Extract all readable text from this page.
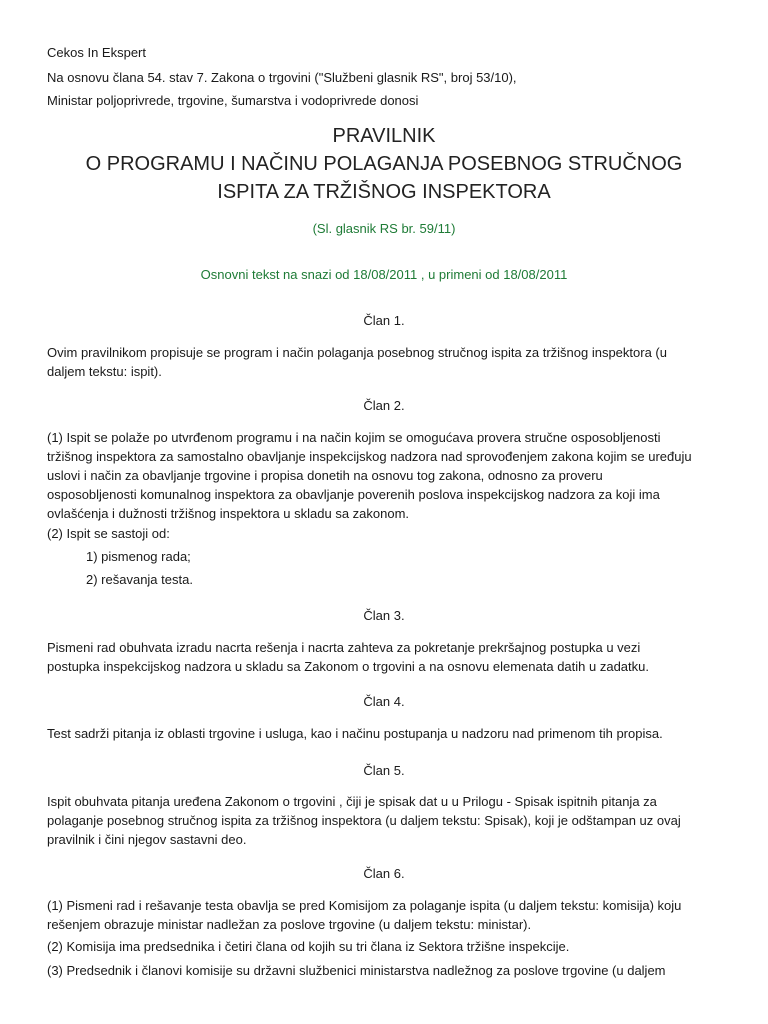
Cekos In Ekspert
Na osnovu člana 54. stav 7. Zakona o trgovini ("Službeni glasnik RS", broj 53/10),
Ministar poljoprivrede, trgovine, šumarstva i vodoprivrede donosi
PRAVILNIK
O PROGRAMU I NAČINU POLAGANJA POSEBNOG STRUČNOG
ISPITA ZA TRŽIŠNOG INSPEKTORA
(Sl. glasnik RS br. 59/11)
Osnovni tekst na snazi od 18/08/2011 , u primeni od 18/08/2011
Član 1.
Ovim pravilnikom propisuje se program i način polaganja posebnog stručnog ispita za tržišnog inspektora (u
daljem tekstu: ispit).
Član 2.
(1) Ispit se polaže po utvrđenom programu i na način kojim se omogućava provera stručne osposobljenosti
tržišnog inspektora za samostalno obavljanje inspekcijskog nadzora nad sprovođenjem zakona kojim se uređuju
uslovi i način za obavljanje trgovine i propisa donetih na osnovu tog zakona, odnosno za proveru
osposobljenosti komunalnog inspektora za obavljanje poverenih poslova inspekcijskog nadzora za koji ima
ovlašćenja i dužnosti tržišnog inspektora u skladu sa zakonom.
(2) Ispit se sastoji od:
1) pismenog rada;
2) rešavanja testa.
Član 3.
Pismeni rad obuhvata izradu nacrta rešenja i nacrta zahteva za pokretanje prekršajnog postupka u vezi
postupka inspekcijskog nadzora u skladu sa Zakonom o trgovini a na osnovu elemenata datih u zadatku.
Član 4.
Test sadrži pitanja iz oblasti trgovine i usluga, kao i načinu postupanja u nadzoru nad primenom tih propisa.
Član 5.
Ispit obuhvata pitanja uređena Zakonom o trgovini , čiji je spisak dat u u Prilogu - Spisak ispitnih pitanja za
polaganje posebnog stručnog ispita za tržišnog inspektora (u daljem tekstu: Spisak), koji je odštampan uz ovaj
pravilnik i čini njegov sastavni deo.
Član 6.
(1) Pismeni rad i rešavanje testa obavlja se pred Komisijom za polaganje ispita (u daljem tekstu: komisija) koju
rešenjem obrazuje ministar nadležan za poslove trgovine (u daljem tekstu: ministar).
(2) Komisija ima predsednika i četiri člana od kojih su tri člana iz Sektora tržišne inspekcije.
(3) Predsednik i članovi komisije su državni službenici ministarstva nadležnog za poslove trgovine (u daljem
